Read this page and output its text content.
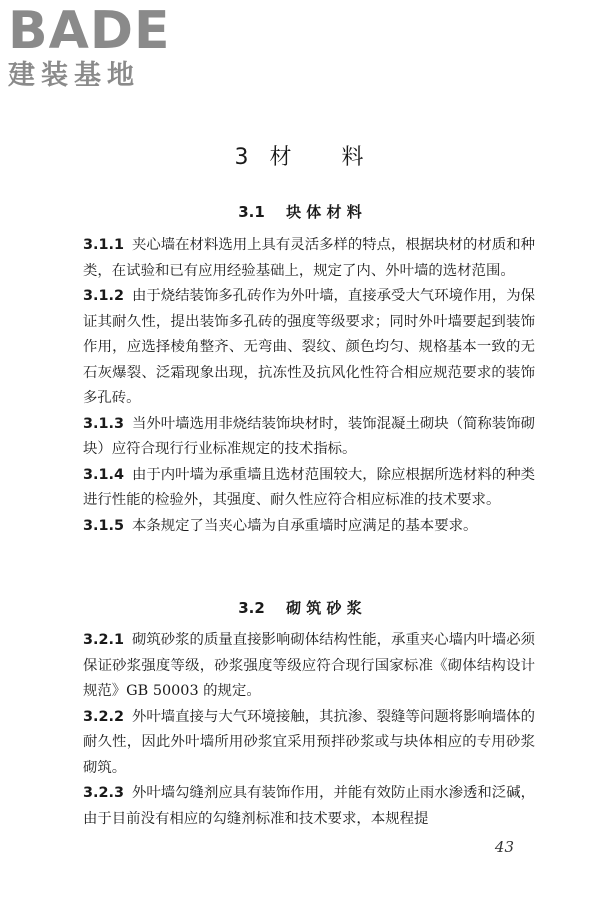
BADE
建装基地
3 材　　料
3.1 块 体 材 料

3.1.1 夹心墙在材料选用上具有灵活多样的特点，根据块材的材质和种类，在试验和已有应用经验基础上，规定了内、外叶墙的选材范围。

3.1.2 由于烧结装饰多孔砖作为外叶墙，直接承受大气环境作用，为保证其耐久性，提出装饰多孔砖的强度等级要求；同时外叶墙要起到装饰作用，应选择棱角整齐、无弯曲、裂纹、颜色均匀、规格基本一致的无石灰爆裂、泛霜现象出现，抗冻性及抗风化性符合相应规范要求的装饰多孔砖。

3.1.3 当外叶墙选用非烧结装饰块材时，装饰混凝土砌块（简称装饰砌块）应符合现行行业标准规定的技术指标。

3.1.4 由于内叶墙为承重墙且选材范围较大，除应根据所选材料的种类进行性能的检验外，其强度、耐久性应符合相应标准的技术要求。

3.1.5 本条规定了当夹心墙为自承重墙时应满足的基本要求。

3.2 砌 筑 砂 浆

3.2.1 砌筑砂浆的质量直接影响砌体结构性能，承重夹心墙内叶墙必须保证砂浆强度等级，砂浆强度等级应符合现行国家标准《砌体结构设计规范》GB 50003 的规定。

3.2.2 外叶墙直接与大气环境接触，其抗渗、裂缝等问题将影响墙体的耐久性，因此外叶墙所用砂浆宜采用预拌砂浆或与块体相应的专用砂浆砌筑。

3.2.3 外叶墙勾缝剂应具有装饰作用，并能有效防止雨水渗透和泛碱，由于目前没有相应的勾缝剂标准和技术要求，本规程提

43
